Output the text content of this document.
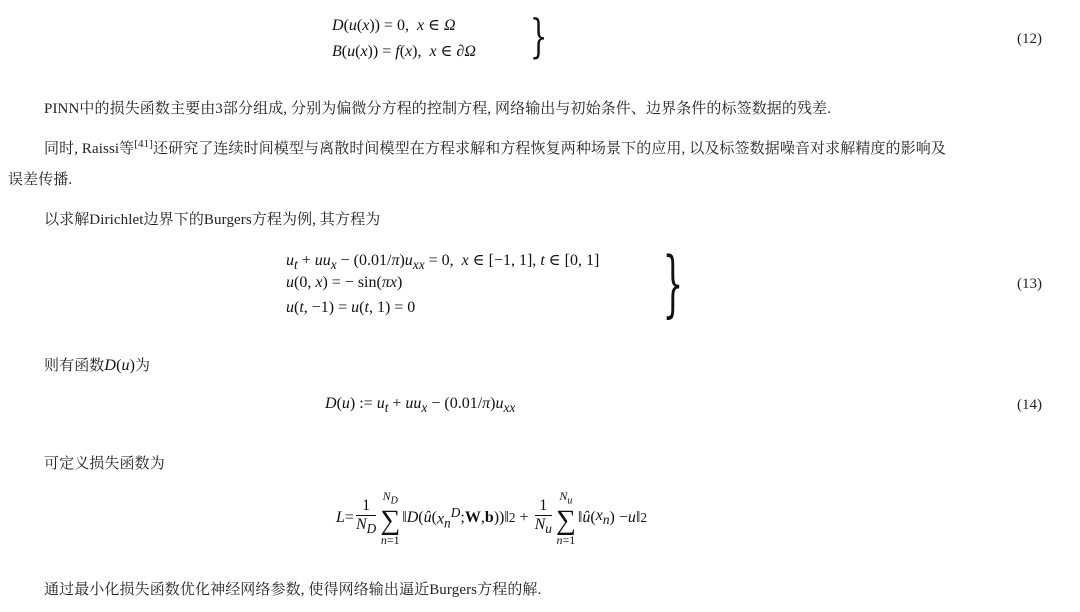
D(u(x)) = 0,  x ∈ Ω
B(u(x)) = f(x),  x ∈ ∂Ω }	(12)
PINN中的损失函数主要由3部分组成, 分别为偏微分方程的控制方程, 网络输出与初始条件、边界条件的标签数据的残差.
同时, Raissi等[41]还研究了连续时间模型与离散时间模型在方程求解和方程恢复两种场景下的应用, 以及标签数据噪音对求解精度的影响及
误差传播.
以求解Dirichlet边界下的Burgers方程为例, 其方程为
$u_t + uu_x - (0.01/\pi)u_{xx} = 0$,  x ∈ [−1, 1], t ∈ [0, 1]
u(0, x) = − sin(πx)
u(t, −1) = u(t, 1) = 0	}	(13)
则有函数D(u)为
D(u) := $u_t + uu_x - (0.01/\pi)u_{xx}$	(14)
可定义损失函数为
$L = \frac{1}{N_D}$
$N_D$
∑
n=1
‖ D ( û ( $x_n^D$ ; W , b ))‖ $2 + \frac{1}{N_u}$
$N_u$
∑
n=1
‖ û ( $x_n$ ) − u ‖ 2
通过最小化损失函数优化神经网络参数, 使得网络输出逼近Burgers方程的解.
